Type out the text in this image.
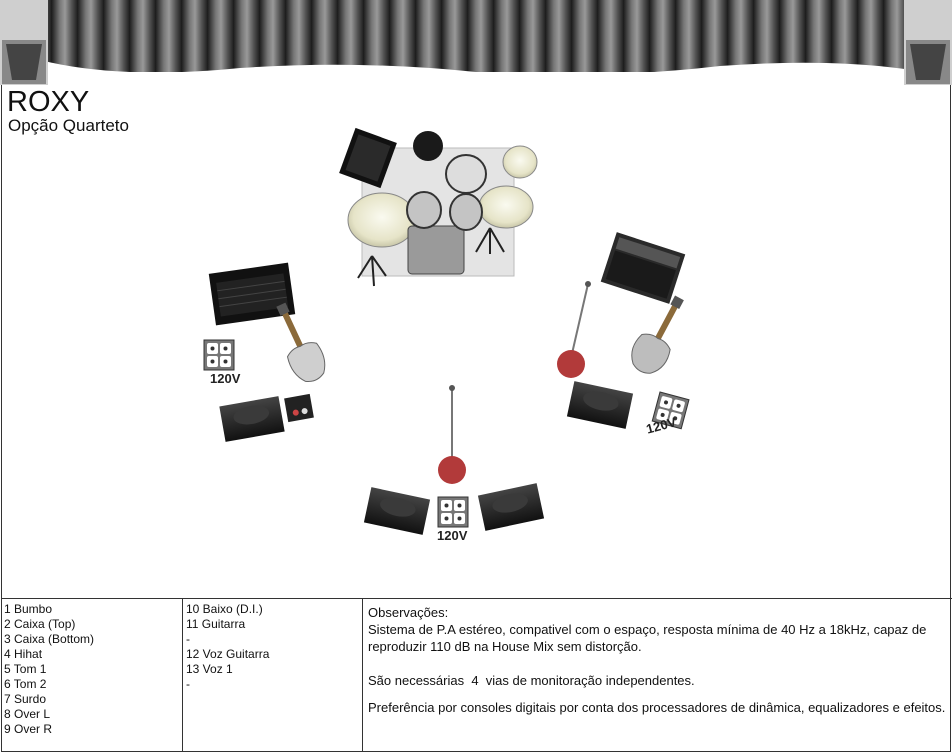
ROXY
Opção Quarteto
120V
120V
120V
1 Bumbo
2 Caixa (Top)
3 Caixa (Bottom)
4 Hihat
5 Tom 1
6 Tom 2
7 Surdo
8 Over L
9 Over R
10 Baixo (D.I.)
11 Guitarra
-
12 Voz Guitarra
13 Voz 1
-

Observações:

Sistema de P.A estéreo, compativel com o espaço, resposta mínima de 40 Hz a 18kHz, capaz de reproduzir 110 dB na House Mix sem distorção.

São necessárias  4  vias de monitoração independentes.

Preferência por consoles digitais por conta dos processadores de dinâmica, equalizadores e efeitos.
